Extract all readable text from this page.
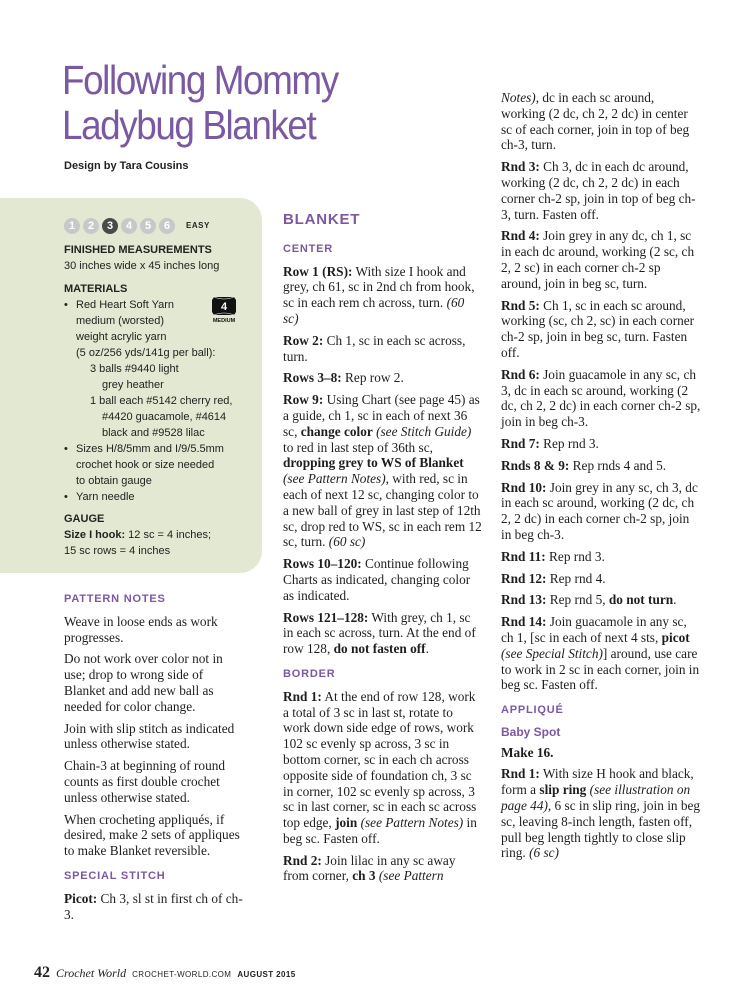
Following Mommy
Ladybug Blanket
Design by Tara Cousins
1	2	3	4	5	6	EASY
FINISHED MEASUREMENTS
30 inches wide x 45 inches long
MATERIALS
• Red Heart Soft Yarn
medium (worsted)
weight acrylic yarn
(5 oz/256 yds/141g per ball):
3 balls #9440 light
grey heather
1 ball each #5142 cherry red,
#4420 guacamole, #4614
black and #9528 lilac
• Sizes H/8/5mm and I/9/5.5mm
crochet hook or size needed
to obtain gauge
• Yarn needle
GAUGE
Size I hook: 12 sc = 4 inches;
15 sc rows = 4 inches
4
MEDIUM
PATTERN NOTES

Weave in loose ends as work progresses.

Do not work over color not in use; drop to wrong side of Blanket and add new ball as needed for color change.

Join with slip stitch as indicated unless otherwise stated.

Chain-3 at beginning of round counts as first double crochet unless otherwise stated.

When crocheting appliqués, if desired, make 2 sets of appliques to make Blanket reversible.

SPECIAL STITCH

Picot: Ch 3, sl st in first ch of ch-3.

BLANKET
CENTER

Row 1 (RS): With size I hook and grey, ch 61, sc in 2nd ch from hook, sc in each rem ch across, turn. (60 sc)

Row 2: Ch 1, sc in each sc across, turn.

Rows 3–8: Rep row 2.

Row 9: Using Chart (see page 45) as a guide, ch 1, sc in each of next 36 sc, change color (see Stitch Guide) to red in last step of 36th sc, dropping grey to WS of Blanket (see Pattern Notes), with red, sc in each of next 12 sc, changing color to a new ball of grey in last step of 12th sc, drop red to WS, sc in each rem 12 sc, turn. (60 sc)

Rows 10–120: Continue following Charts as indicated, changing color as indicated.

Rows 121–128: With grey, ch 1, sc in each sc across, turn. At the end of row 128, do not fasten off.

BORDER

Rnd 1: At the end of row 128, work a total of 3 sc in last st, rotate to work down side edge of rows, work 102 sc evenly sp across, 3 sc in bottom corner, sc in each ch across opposite side of foundation ch, 3 sc in corner, 102 sc evenly sp across, 3 sc in last corner, sc in each sc across top edge, join (see Pattern Notes) in beg sc. Fasten off.

Rnd 2: Join lilac in any sc away from corner, ch 3 (see Pattern

Notes), dc in each sc around, working (2 dc, ch 2, 2 dc) in center sc of each corner, join in top of beg ch-3, turn.

Rnd 3: Ch 3, dc in each dc around, working (2 dc, ch 2, 2 dc) in each corner ch-2 sp, join in top of beg ch-3, turn. Fasten off.

Rnd 4: Join grey in any dc, ch 1, sc in each dc around, working (2 sc, ch 2, 2 sc) in each corner ch-2 sp around, join in beg sc, turn.

Rnd 5: Ch 1, sc in each sc around, working (sc, ch 2, sc) in each corner ch-2 sp, join in beg sc, turn. Fasten off.

Rnd 6: Join guacamole in any sc, ch 3, dc in each sc around, working (2 dc, ch 2, 2 dc) in each corner ch-2 sp, join in beg ch-3.

Rnd 7: Rep rnd 3.

Rnds 8 & 9: Rep rnds 4 and 5.

Rnd 10: Join grey in any sc, ch 3, dc in each sc around, working (2 dc, ch 2, 2 dc) in each corner ch-2 sp, join in beg ch-3.

Rnd 11: Rep rnd 3.

Rnd 12: Rep rnd 4.

Rnd 13: Rep rnd 5, do not turn.

Rnd 14: Join guacamole in any sc, ch 1, [sc in each of next 4 sts, picot (see Special Stitch)] around, use care to work in 2 sc in each corner, join in beg sc. Fasten off.

APPLIQUÉ
Baby Spot

Make 16.

Rnd 1: With size H hook and black, form a slip ring (see illustration on page 44), 6 sc in slip ring, join in beg sc, leaving 8-inch length, fasten off, pull beg length tightly to close slip ring. (6 sc)

42 Crochet World CROCHET-WORLD.COM AUGUST 2015
